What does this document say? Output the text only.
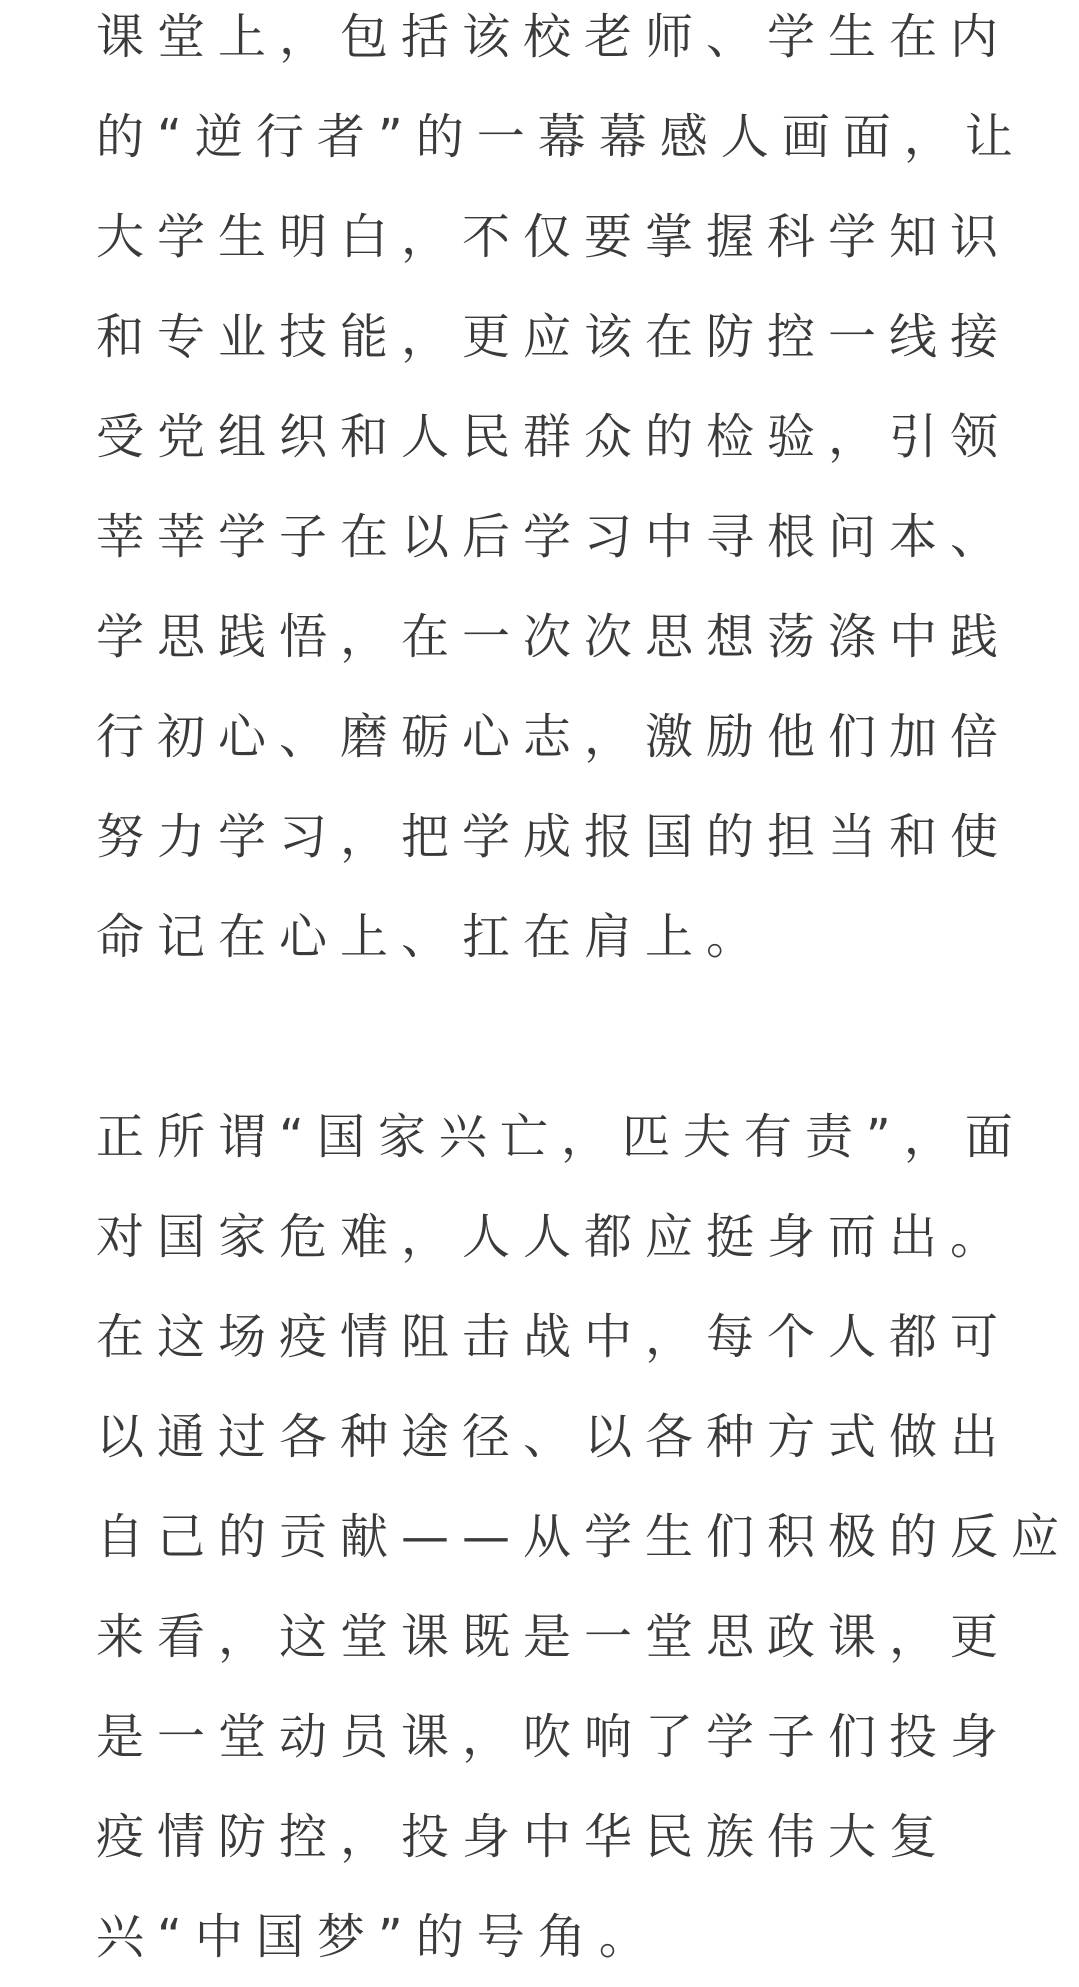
课堂上，包括该校老师、学生在内
的“逆行者”的一幕幕感人画面，让
大学生明白，不仅要掌握科学知识
和专业技能，更应该在防控一线接
受党组织和人民群众的检验，引领
莘莘学子在以后学习中寻根问本、
学思践悟，在一次次思想荡涤中践
行初心、磨砺心志，激励他们加倍
努力学习，把学成报国的担当和使
命记在心上、扛在肩上。
正所谓“国家兴亡，匹夫有责”，面
对国家危难，人人都应挺身而出。
在这场疫情阻击战中，每个人都可
以通过各种途径、以各种方式做出
自己的贡献——从学生们积极的反应
来看，这堂课既是一堂思政课，更
是一堂动员课，吹响了学子们投身
疫情防控，投身中华民族伟大复
兴“中国梦”的号角。
